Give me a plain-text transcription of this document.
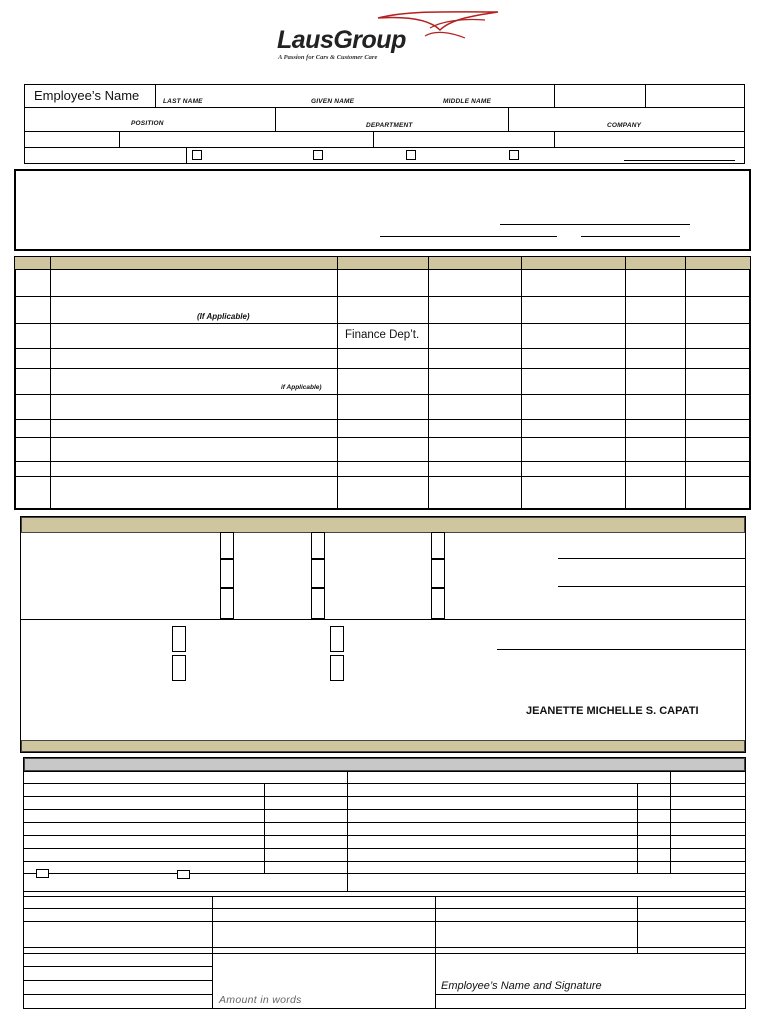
LausGroup
A Passion for Cars & Customer Care
Employee’s Name	LAST NAME	GIVEN NAME	MIDDLE NAME
POSITION	DEPARTMENT	COMPANY
(If Applicable)
Finance Dep’t.
if Applicable)
JEANETTE MICHELLE S. CAPATI
Amount in words
Employee’s Name and Signature
